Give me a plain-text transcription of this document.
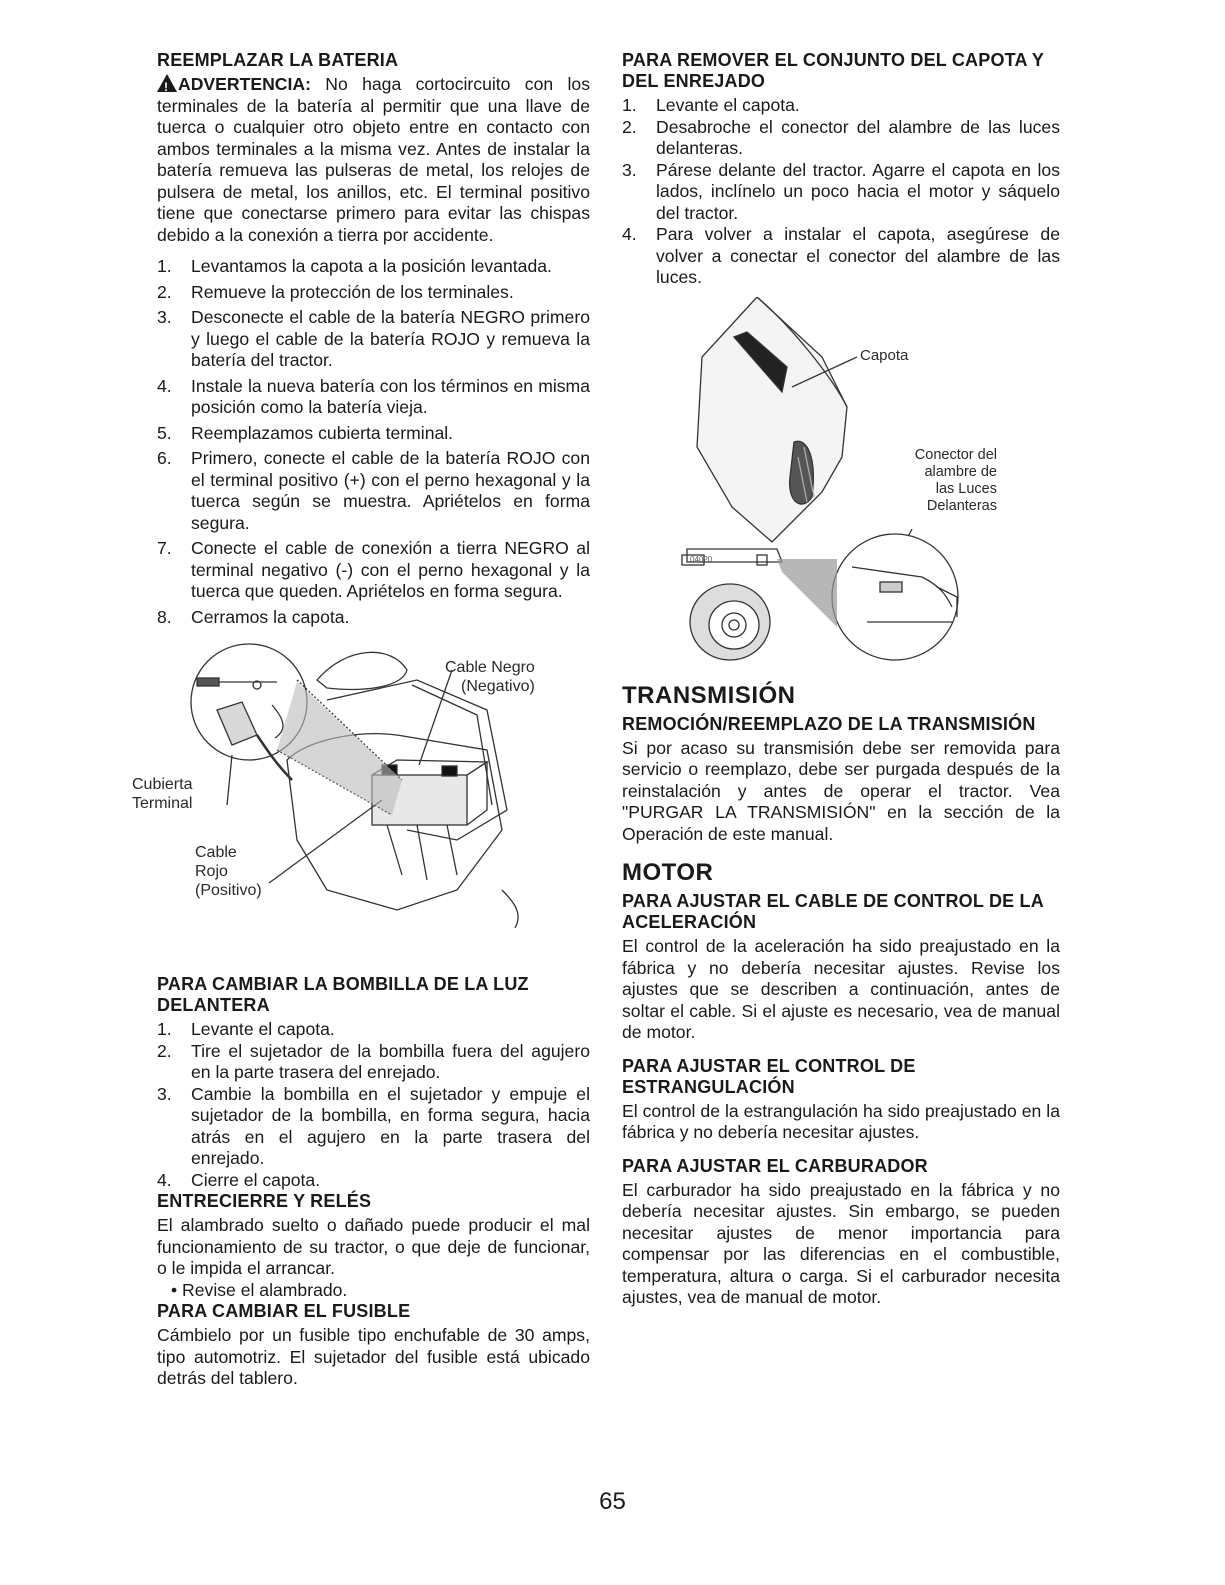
REEMPLAZAR LA BATERIA

!ADVERTENCIA: No haga cortocircuito con los terminales de la batería al permitir que una llave de tuerca o cualquier otro objeto entre en contacto con ambos terminales a la misma vez. Antes de instalar la batería remueva las pulseras de metal, los relojes de pulsera de metal, los anillos, etc. El terminal positivo tiene que conectarse primero para evitar las chispas debido a la conexión a tierra por accidente.

1.	Levantamos la capota a la posición levantada.
2.	Remueve la protección de los terminales.
3.	Desconecte el cable de la batería NEGRO primero y luego el cable de la batería ROJO y remueva la batería del tractor.
4.	Instale la nueva batería con los términos en misma posición como la batería vieja.
5.	Reemplazamos cubierta terminal.
6.	Primero, conecte el cable de la batería ROJO con el terminal positivo (+) con el perno hexagonal y la tuerca según se muestra. Apriételos en forma segura.
7.	Conecte el cable de conexión a tierra NEGRO al terminal negativo (-) con el perno hexagonal y la tuerca que queden. Apriételos en forma segura.
8.	Cerramos la capota.
Cable Negro
(Negativo)
Cubierta
Terminal
Cable
Rojo
(Positivo)
PARA CAMBIAR LA BOMBILLA DE LA LUZ DELANTERA
1.	Levante el capota.
2.	Tire el sujetador de la bombilla fuera del agujero en la parte trasera del enrejado.
3.	Cambie la bombilla en el sujetador y empuje el sujetador de la bombilla, en forma segura, hacia atrás en el agujero en la parte trasera del enrejado.
4.	Cierre el capota.
ENTRECIERRE Y RELÉS

El alambrado suelto o dañado puede producir el mal funcionamiento de su tractor, o que deje de funcionar, o le impida el arrancar.

• Revise el alambrado.
PARA CAMBIAR EL FUSIBLE

Cámbielo por un fusible tipo enchufable de 30 amps, tipo automotriz. El sujetador del fusible está ubicado detrás del tablero.

PARA REMOVER EL CONJUNTO DEL CAPOTA Y DEL ENREJADO
1.	Levante el capota.
2.	Desabroche el conector del alambre de las luces delanteras.
3.	Párese delante del tractor. Agarre el capota en los lados, inclínelo un poco hacia el motor y sáquelo del tractor.
4.	Para volver a instalar el capota, asegúrese de volver a conectar el conector del alambre de las luces.
Capota
Conector del
alambre de
las Luces
Delanteras
04020
TRANSMISIÓN
REMOCIÓN/REEMPLAZO DE LA TRANSMISIÓN

Si por acaso su transmisión debe ser removida para servicio o reemplazo, debe ser purgada después de la reinstalación y antes de operar el tractor. Vea "PURGAR LA TRANSMISIÓN" en la sección de la Operación de este manual.

MOTOR
PARA AJUSTAR EL CABLE DE CONTROL DE LA ACELERACIÓN

El control de la aceleración ha sido preajustado en la fábrica y no debería necesitar ajustes. Revise los ajustes que se describen a continuación, antes de soltar el cable. Si el ajuste es necesario, vea de manual de motor.

PARA AJUSTAR EL CONTROL DE ESTRANGULACIÓN

El control de la estrangulación ha sido preajustado en la fábrica y no debería necesitar ajustes.

PARA AJUSTAR EL CARBURADOR

El carburador ha sido preajustado en la fábrica y no debería necesitar ajustes. Sin embargo, se pueden necesitar ajustes de menor importancia para compensar por las diferencias en el combustible, temperatura, altura o carga. Si el carburador necesita ajustes, vea de manual de motor.

65
